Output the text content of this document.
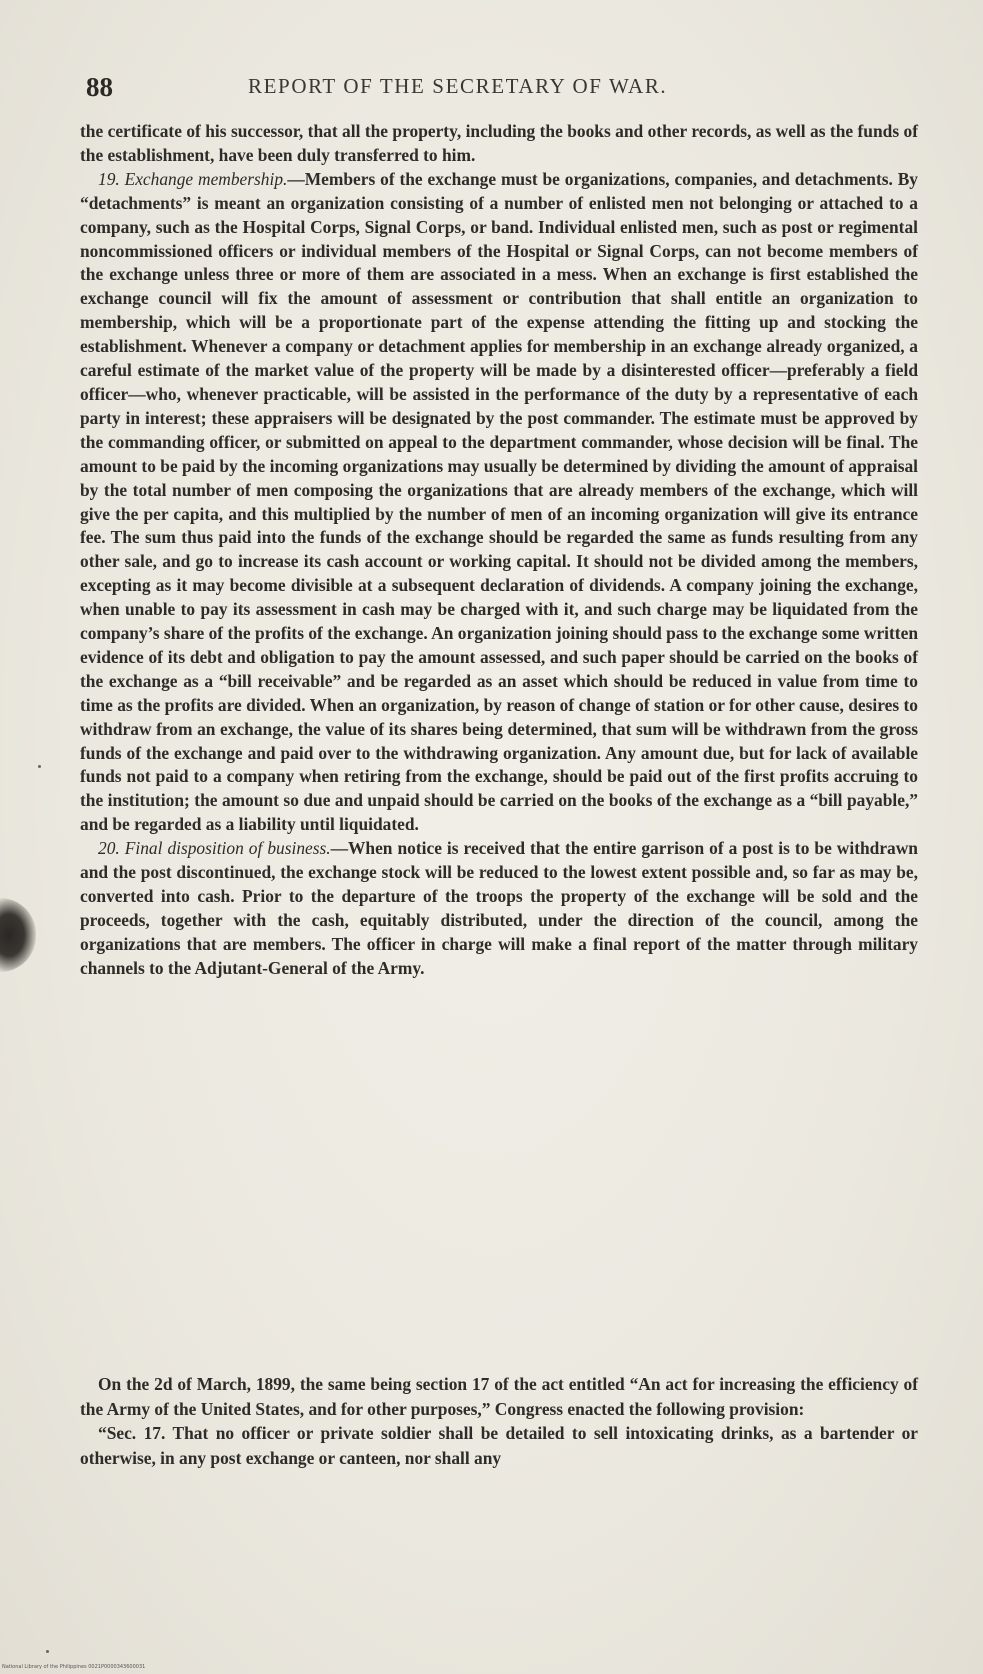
88	REPORT OF THE SECRETARY OF WAR.

the certificate of his successor, that all the property, including the books and other records, as well as the funds of the establishment, have been duly transferred to him.

19. Exchange membership.—Members of the exchange must be organizations, companies, and detachments. By “detachments” is meant an organization consisting of a number of enlisted men not belonging or attached to a company, such as the Hospital Corps, Signal Corps, or band. Individual enlisted men, such as post or regimental noncommissioned officers or individual members of the Hospital or Signal Corps, can not become members of the exchange unless three or more of them are associated in a mess. When an exchange is first established the exchange council will fix the amount of assessment or contribution that shall entitle an organization to membership, which will be a proportionate part of the expense attending the fitting up and stocking the establishment. Whenever a company or detachment applies for membership in an exchange already organized, a careful estimate of the market value of the property will be made by a disinterested officer—preferably a field officer—who, whenever practicable, will be assisted in the performance of the duty by a representative of each party in interest; these appraisers will be designated by the post commander. The estimate must be approved by the commanding officer, or submitted on appeal to the department commander, whose decision will be final. The amount to be paid by the incoming organizations may usually be determined by dividing the amount of appraisal by the total number of men composing the organizations that are already members of the exchange, which will give the per capita, and this multiplied by the number of men of an incoming organization will give its entrance fee. The sum thus paid into the funds of the exchange should be regarded the same as funds resulting from any other sale, and go to increase its cash account or working capital. It should not be divided among the members, excepting as it may become divisible at a subsequent declaration of dividends. A company joining the exchange, when unable to pay its assessment in cash may be charged with it, and such charge may be liquidated from the company’s share of the profits of the exchange. An organization joining should pass to the exchange some written evidence of its debt and obligation to pay the amount assessed, and such paper should be carried on the books of the exchange as a “bill receivable” and be regarded as an asset which should be reduced in value from time to time as the profits are divided. When an organization, by reason of change of station or for other cause, desires to withdraw from an exchange, the value of its shares being determined, that sum will be withdrawn from the gross funds of the exchange and paid over to the withdrawing organization. Any amount due, but for lack of available funds not paid to a company when retiring from the exchange, should be paid out of the first profits accruing to the institution; the amount so due and unpaid should be carried on the books of the exchange as a “bill payable,” and be regarded as a liability until liquidated.

20. Final disposition of business.—When notice is received that the entire garrison of a post is to be withdrawn and the post discontinued, the exchange stock will be reduced to the lowest extent possible and, so far as may be, converted into cash. Prior to the departure of the troops the property of the exchange will be sold and the proceeds, together with the cash, equitably distributed, under the direction of the council, among the organizations that are members. The officer in charge will make a final report of the matter through military channels to the Adjutant-General of the Army.

On the 2d of March, 1899, the same being section 17 of the act entitled “An act for increasing the efficiency of the Army of the United States, and for other purposes,” Congress enacted the following provision:

“Sec. 17. That no officer or private soldier shall be detailed to sell intoxicating drinks, as a bartender or otherwise, in any post exchange or canteen, nor shall any

National Library of the Philippines 0021P0000343600031
